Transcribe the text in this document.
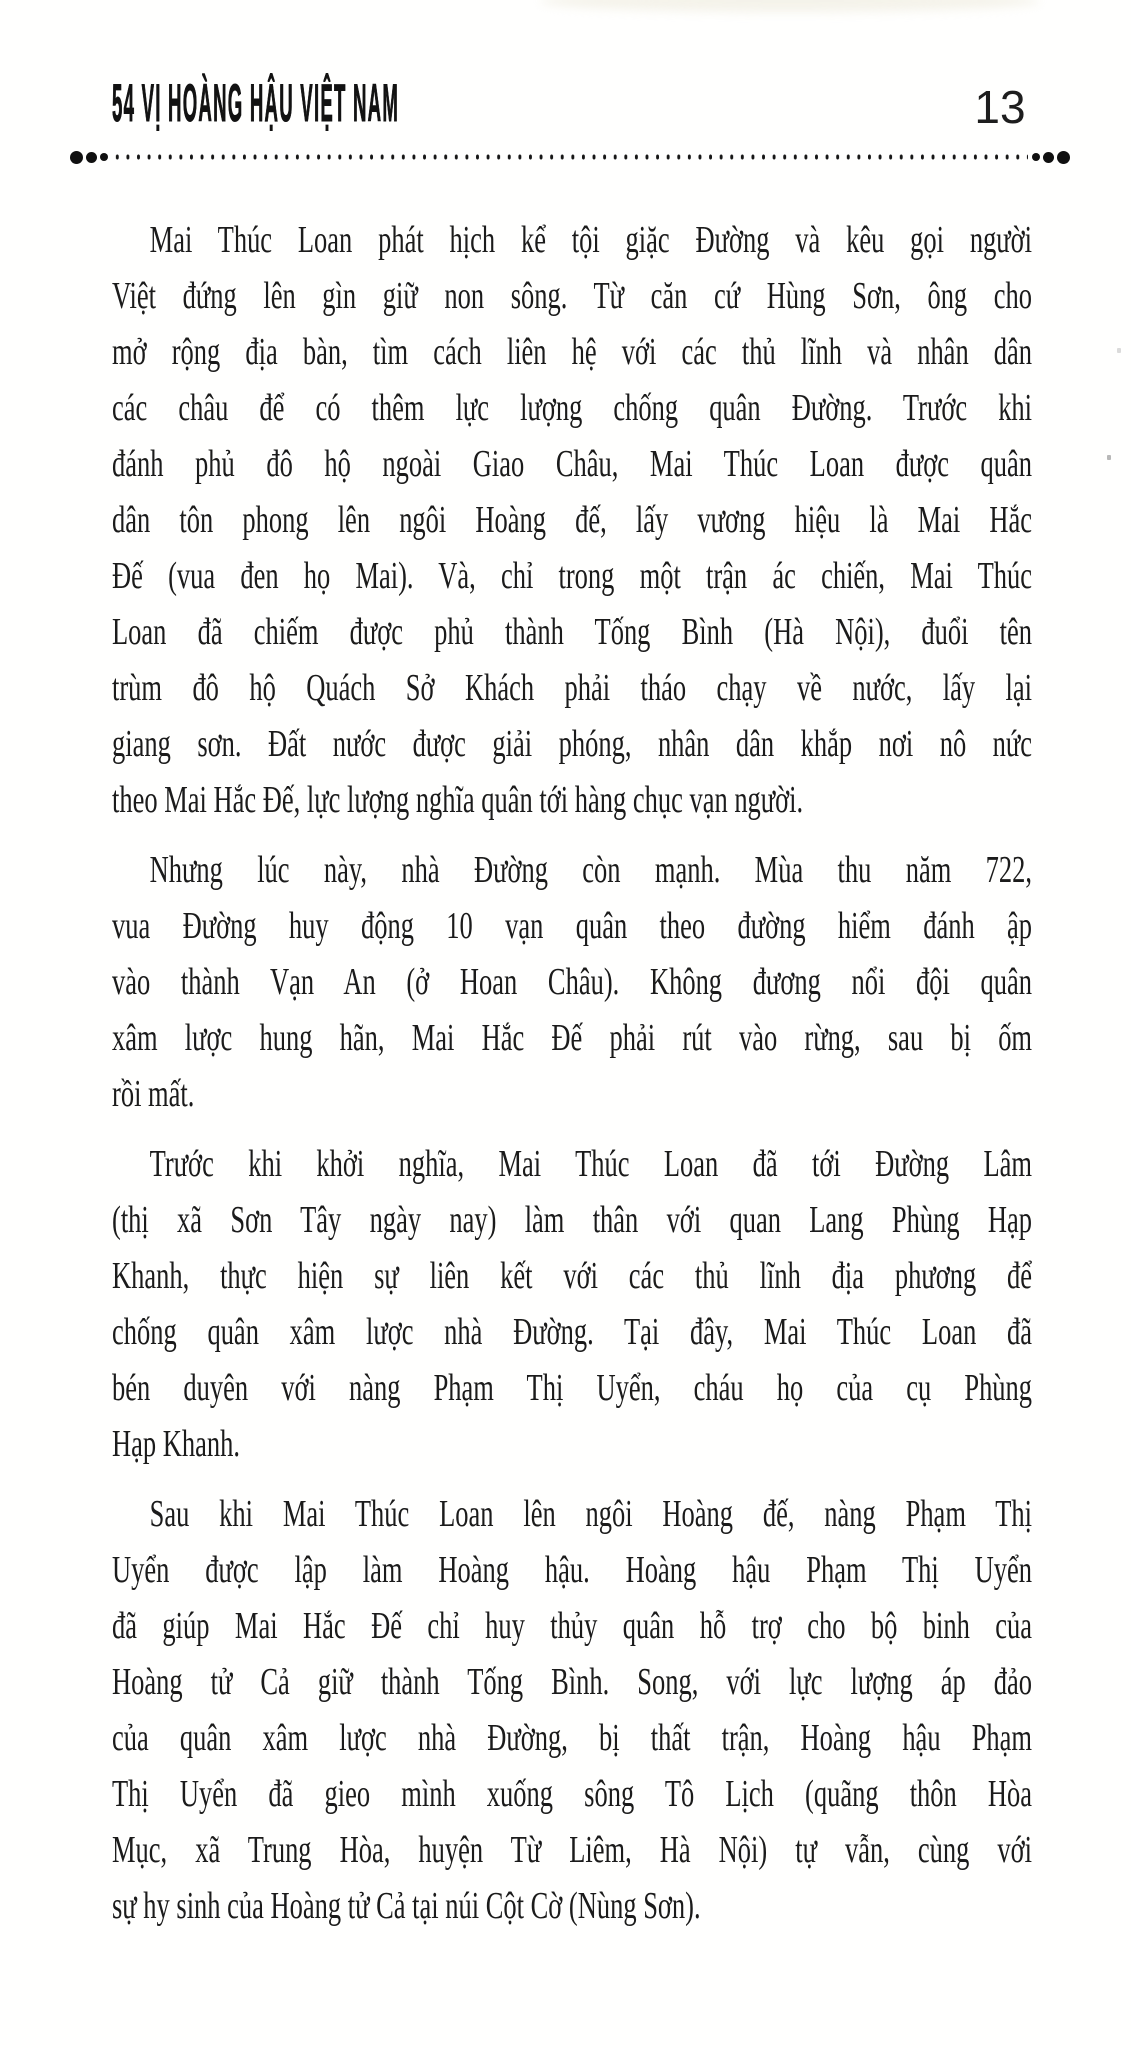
54 VỊ HOÀNG HẬU VIỆT NAM	13
Mai Thúc Loan phát hịch kể tội giặc Đường và kêu gọi người
Việt đứng lên gìn giữ non sông. Từ căn cứ Hùng Sơn, ông cho
mở rộng địa bàn, tìm cách liên hệ với các thủ lĩnh và nhân dân
các châu để có thêm lực lượng chống quân Đường. Trước khi
đánh phủ đô hộ ngoài Giao Châu, Mai Thúc Loan được quân
dân tôn phong lên ngôi Hoàng đế, lấy vương hiệu là Mai Hắc
Đế (vua đen họ Mai). Và, chỉ trong một trận ác chiến, Mai Thúc
Loan đã chiếm được phủ thành Tống Bình (Hà Nội), đuổi tên
trùm đô hộ Quách Sở Khách phải tháo chạy về nước, lấy lại
giang sơn. Đất nước được giải phóng, nhân dân khắp nơi nô nức
theo Mai Hắc Đế, lực lượng nghĩa quân tới hàng chục vạn người.
Nhưng lúc này, nhà Đường còn mạnh. Mùa thu năm 722,
vua Đường huy động 10 vạn quân theo đường hiểm đánh ập
vào thành Vạn An (ở Hoan Châu). Không đương nổi đội quân
xâm lược hung hãn, Mai Hắc Đế phải rút vào rừng, sau bị ốm
rồi mất.
Trước khi khởi nghĩa, Mai Thúc Loan đã tới Đường Lâm
(thị xã Sơn Tây ngày nay) làm thân với quan Lang Phùng Hạp
Khanh, thực hiện sự liên kết với các thủ lĩnh địa phương để
chống quân xâm lược nhà Đường. Tại đây, Mai Thúc Loan đã
bén duyên với nàng Phạm Thị Uyển, cháu họ của cụ Phùng
Hạp Khanh.
Sau khi Mai Thúc Loan lên ngôi Hoàng đế, nàng Phạm Thị
Uyển được lập làm Hoàng hậu. Hoàng hậu Phạm Thị Uyển
đã giúp Mai Hắc Đế chỉ huy thủy quân hỗ trợ cho bộ binh của
Hoàng tử Cả giữ thành Tống Bình. Song, với lực lượng áp đảo
của quân xâm lược nhà Đường, bị thất trận, Hoàng hậu Phạm
Thị Uyển đã gieo mình xuống sông Tô Lịch (quãng thôn Hòa
Mục, xã Trung Hòa, huyện Từ Liêm, Hà Nội) tự vẫn, cùng với
sự hy sinh của Hoàng tử Cả tại núi Cột Cờ (Nùng Sơn).
